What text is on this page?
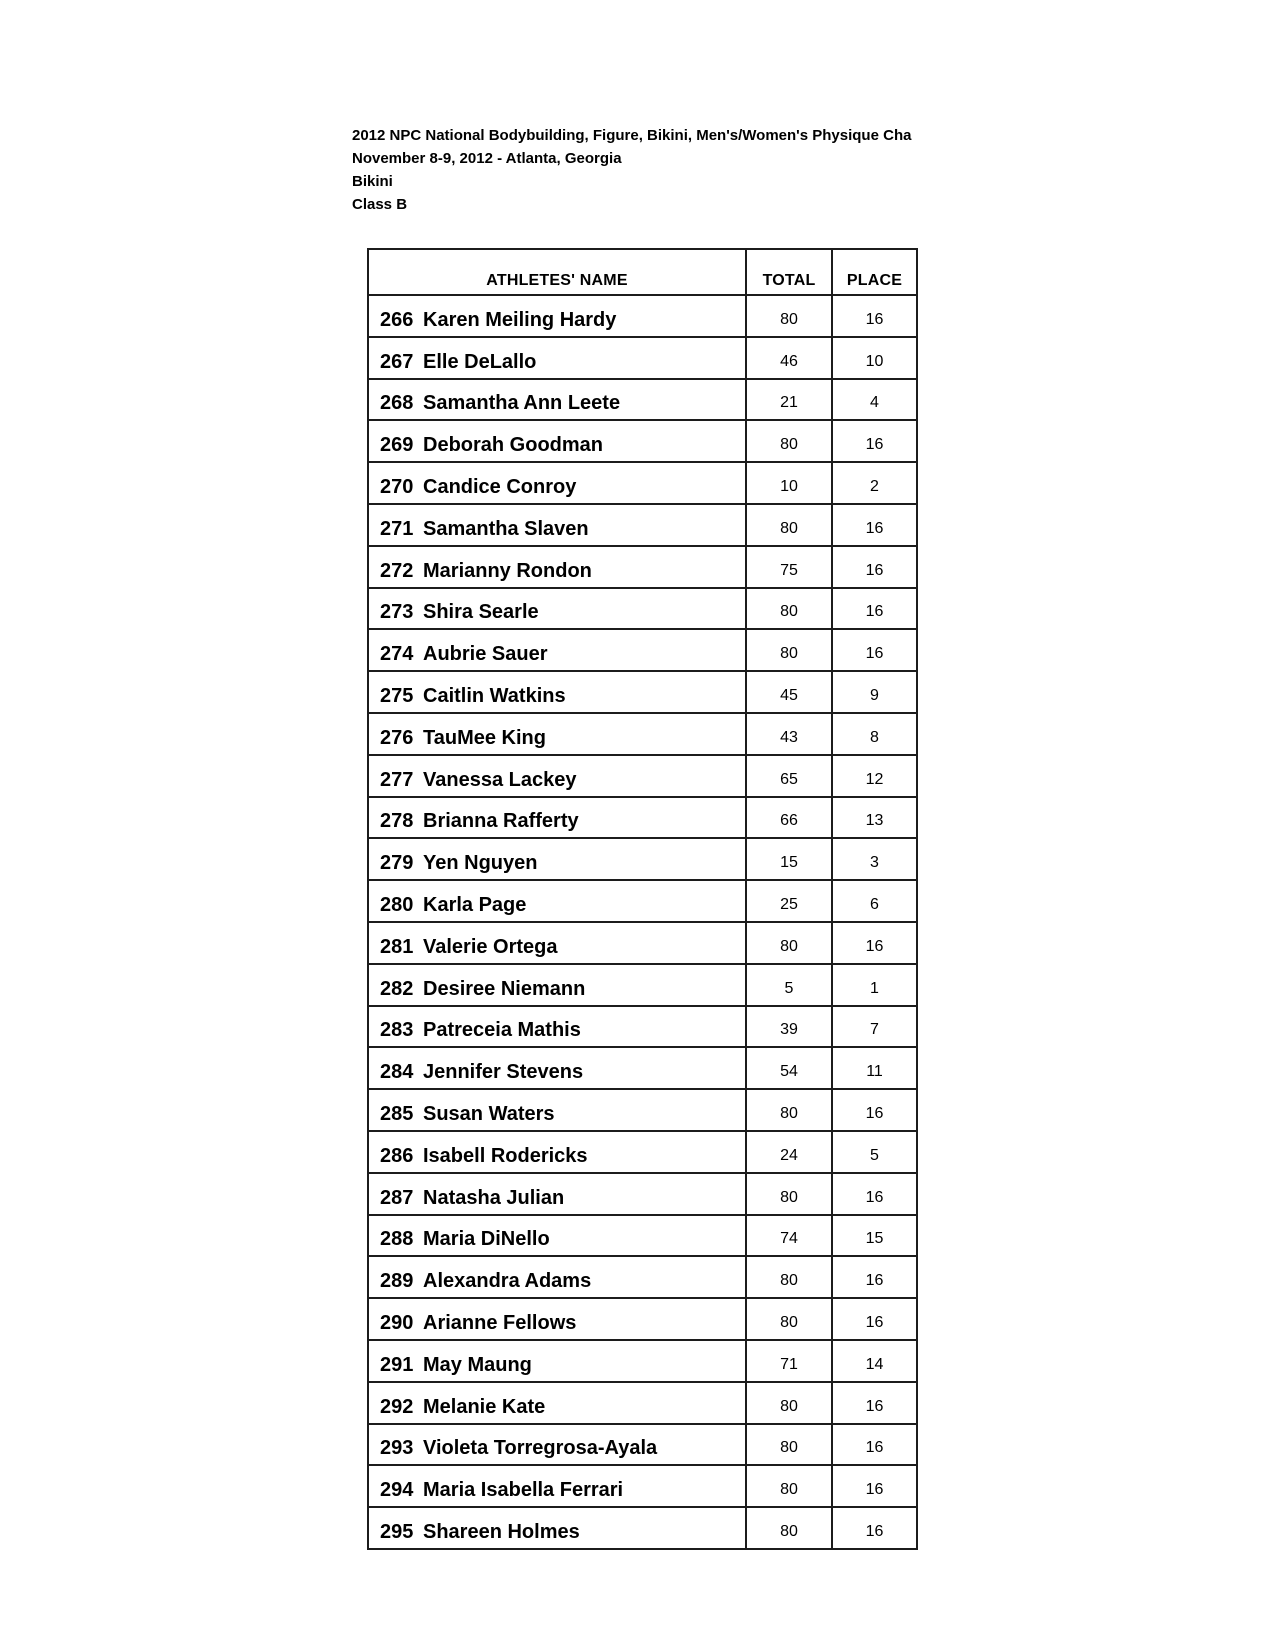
2012 NPC National Bodybuilding, Figure, Bikini, Men's/Women's Physique Cha
November 8-9, 2012 - Atlanta, Georgia
Bikini
Class B
ATHLETES' NAME	TOTAL	PLACE
266 Karen Meiling Hardy	80	16
267 Elle DeLallo	46	10
268 Samantha Ann Leete	21	4
269 Deborah Goodman	80	16
270 Candice Conroy	10	2
271 Samantha Slaven	80	16
272 Marianny Rondon	75	16
273 Shira Searle	80	16
274 Aubrie Sauer	80	16
275 Caitlin Watkins	45	9
276 TauMee King	43	8
277 Vanessa Lackey	65	12
278 Brianna Rafferty	66	13
279 Yen Nguyen	15	3
280 Karla Page	25	6
281 Valerie Ortega	80	16
282 Desiree Niemann	5	1
283 Patreceia Mathis	39	7
284 Jennifer Stevens	54	11
285 Susan Waters	80	16
286 Isabell Rodericks	24	5
287 Natasha Julian	80	16
288 Maria DiNello	74	15
289 Alexandra Adams	80	16
290 Arianne Fellows	80	16
291 May Maung	71	14
292 Melanie Kate	80	16
293 Violeta Torregrosa-Ayala	80	16
294 Maria Isabella Ferrari	80	16
295 Shareen Holmes	80	16
